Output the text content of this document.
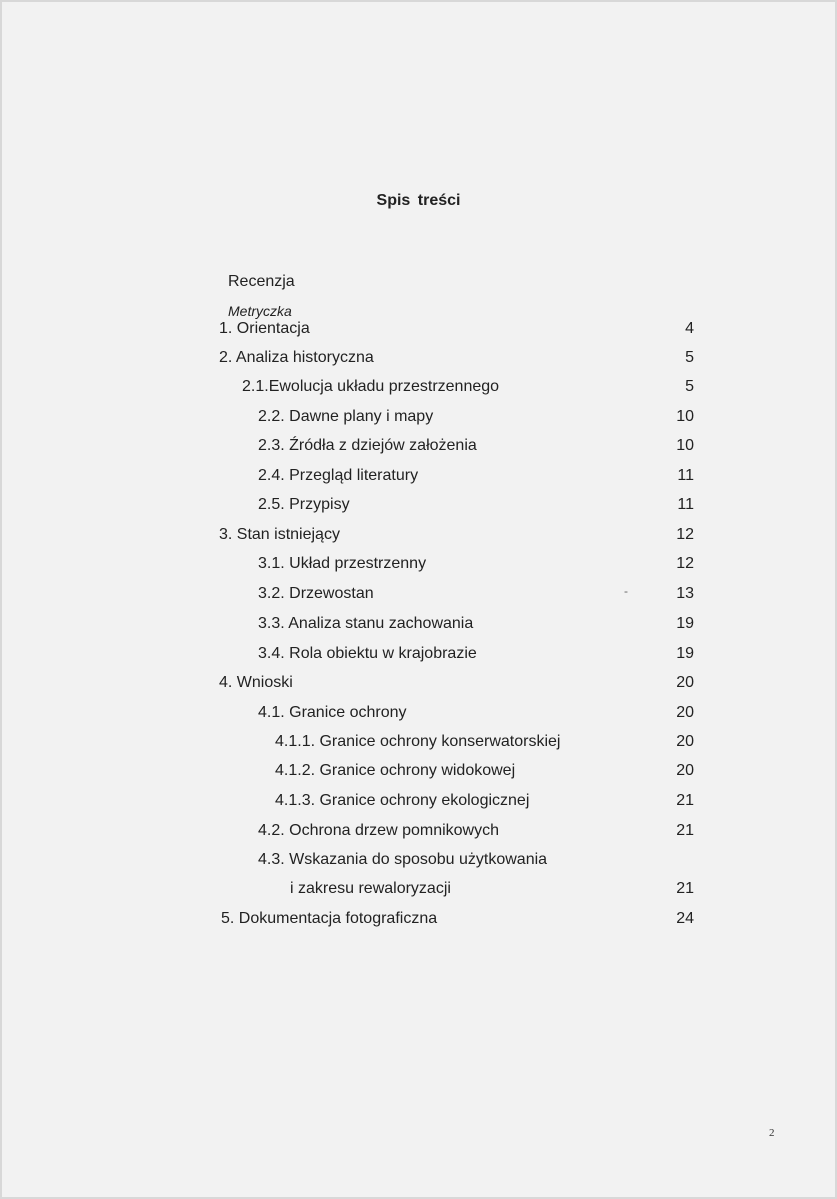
Spis treści
Recenzja
Metryczka
1. Orientacja	4
2. Analiza historyczna	5
2.1.Ewolucja układu przestrzennego	5
2.2. Dawne plany i mapy	10
2.3. Źródła z dziejów założenia	10
2.4. Przegląd literatury	11
2.5. Przypisy	11
3. Stan istniejący	12
3.1. Układ przestrzenny	12
3.2. Drzewostan	13
3.3. Analiza stanu zachowania	19
3.4. Rola obiektu w krajobrazie	19
4. Wnioski	20
4.1. Granice ochrony	20
4.1.1. Granice ochrony konserwatorskiej	20
4.1.2. Granice ochrony widokowej	20
4.1.3. Granice ochrony ekologicznej	21
4.2. Ochrona drzew pomnikowych	21
4.3. Wskazania do sposobu użytkowania
i zakresu rewaloryzacji	21
5. Dokumentacja fotograficzna	24
-
2
